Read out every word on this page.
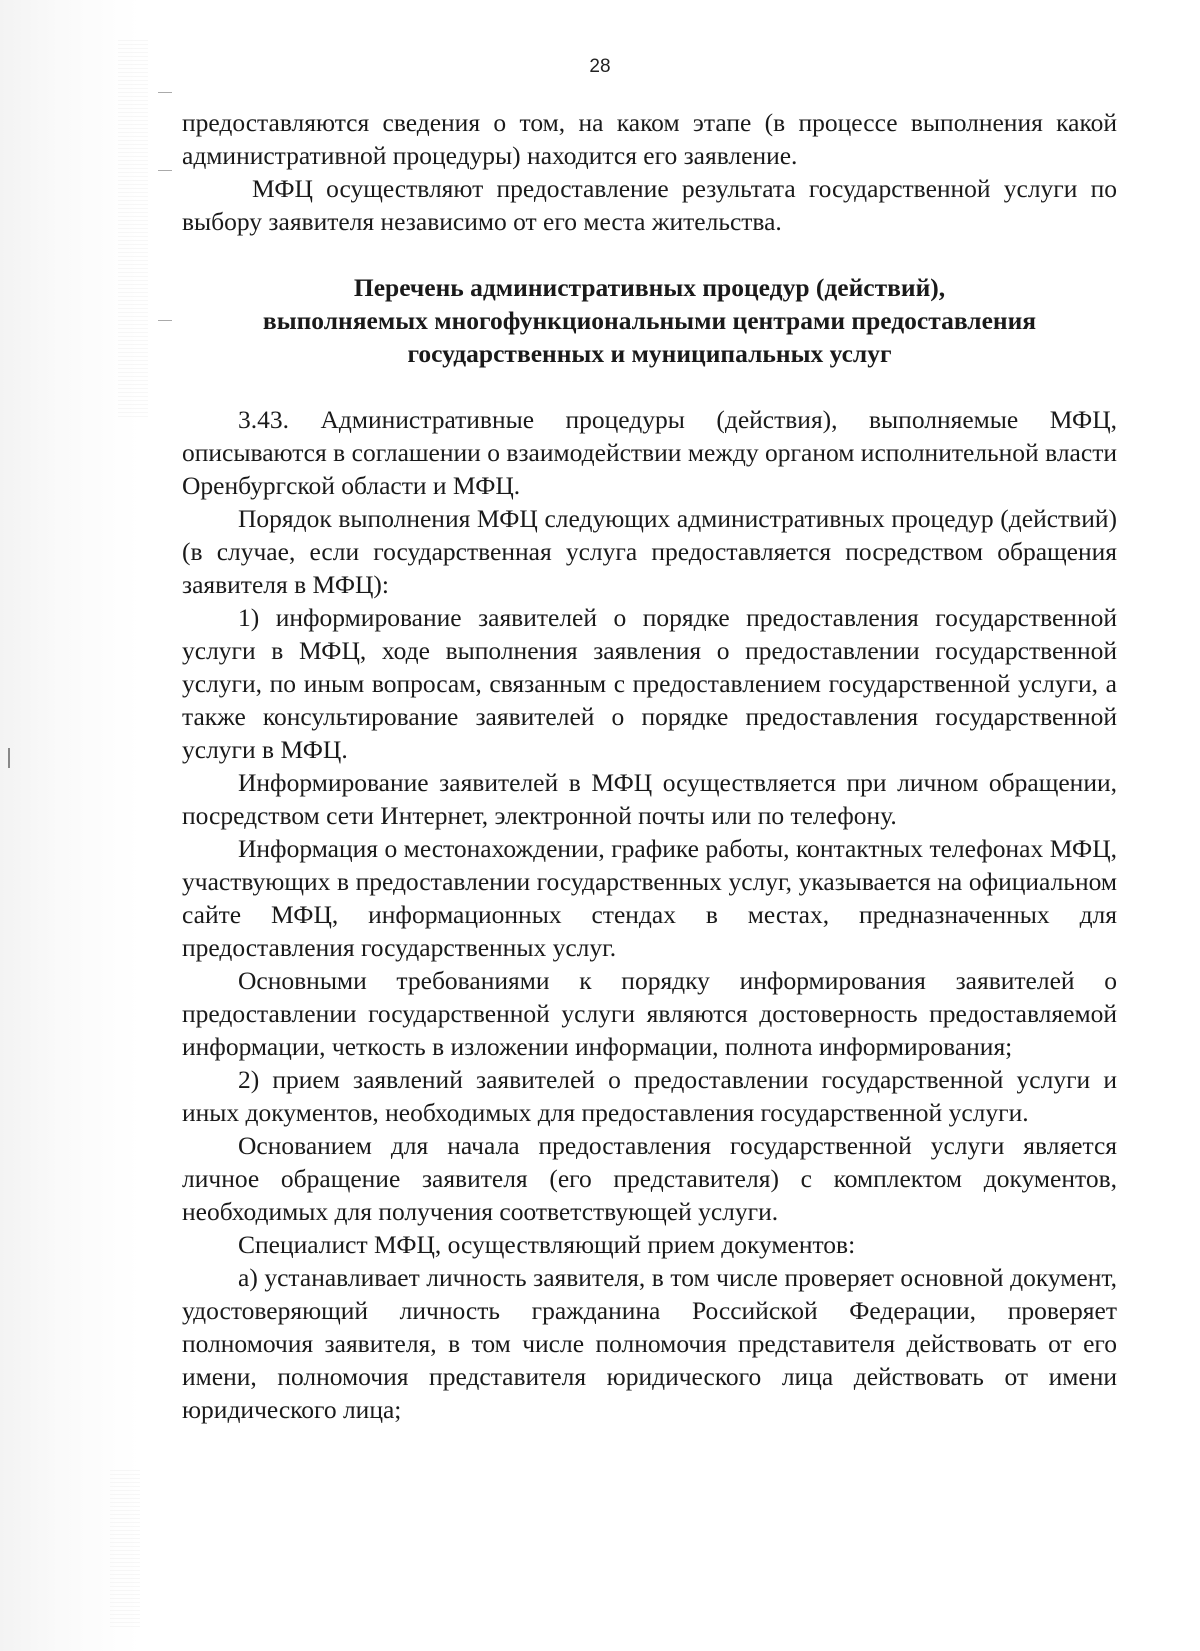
28

предоставляются сведения о том, на каком этапе (в процессе выполнения какой административной процедуры) находится его заявление.

МФЦ осуществляют предоставление результата государственной услуги по выбору заявителя независимо от его места жительства.

Перечень административных процедур (действий),
выполняемых многофункциональными центрами предоставления
государственных и муниципальных услуг

3.43. Административные процедуры (действия), выполняемые МФЦ, описываются в соглашении о взаимодействии между органом исполнительной власти Оренбургской области и МФЦ.

Порядок выполнения МФЦ следующих административных процедур (действий) (в случае, если государственная услуга предоставляется посредством обращения заявителя в МФЦ):

1) информирование заявителей о порядке предоставления государственной услуги в МФЦ, ходе выполнения заявления о предоставлении государственной услуги, по иным вопросам, связанным с предоставлением государственной услуги, а также консультирование заявителей о порядке предоставления государственной услуги в МФЦ.

Информирование заявителей в МФЦ осуществляется при личном обращении, посредством сети Интернет, электронной почты или по телефону.

Информация о местонахождении, графике работы, контактных телефонах МФЦ, участвующих в предоставлении государственных услуг, указывается на официальном сайте МФЦ, информационных стендах в местах, предназначенных для предоставления государственных услуг.

Основными требованиями к порядку информирования заявителей о предоставлении государственной услуги являются достоверность предоставляемой информации, четкость в изложении информации, полнота информирования;

2) прием заявлений заявителей о предоставлении государственной услуги и иных документов, необходимых для предоставления государственной услуги.

Основанием для начала предоставления государственной услуги является личное обращение заявителя (его представителя) с комплектом документов, необходимых для получения соответствующей услуги.

Специалист МФЦ, осуществляющий прием документов:

а) устанавливает личность заявителя, в том числе проверяет основной документ, удостоверяющий личность гражданина Российской Федерации, проверяет полномочия заявителя, в том числе полномочия представителя действовать от его имени, полномочия представителя юридического лица действовать от имени юридического лица;
